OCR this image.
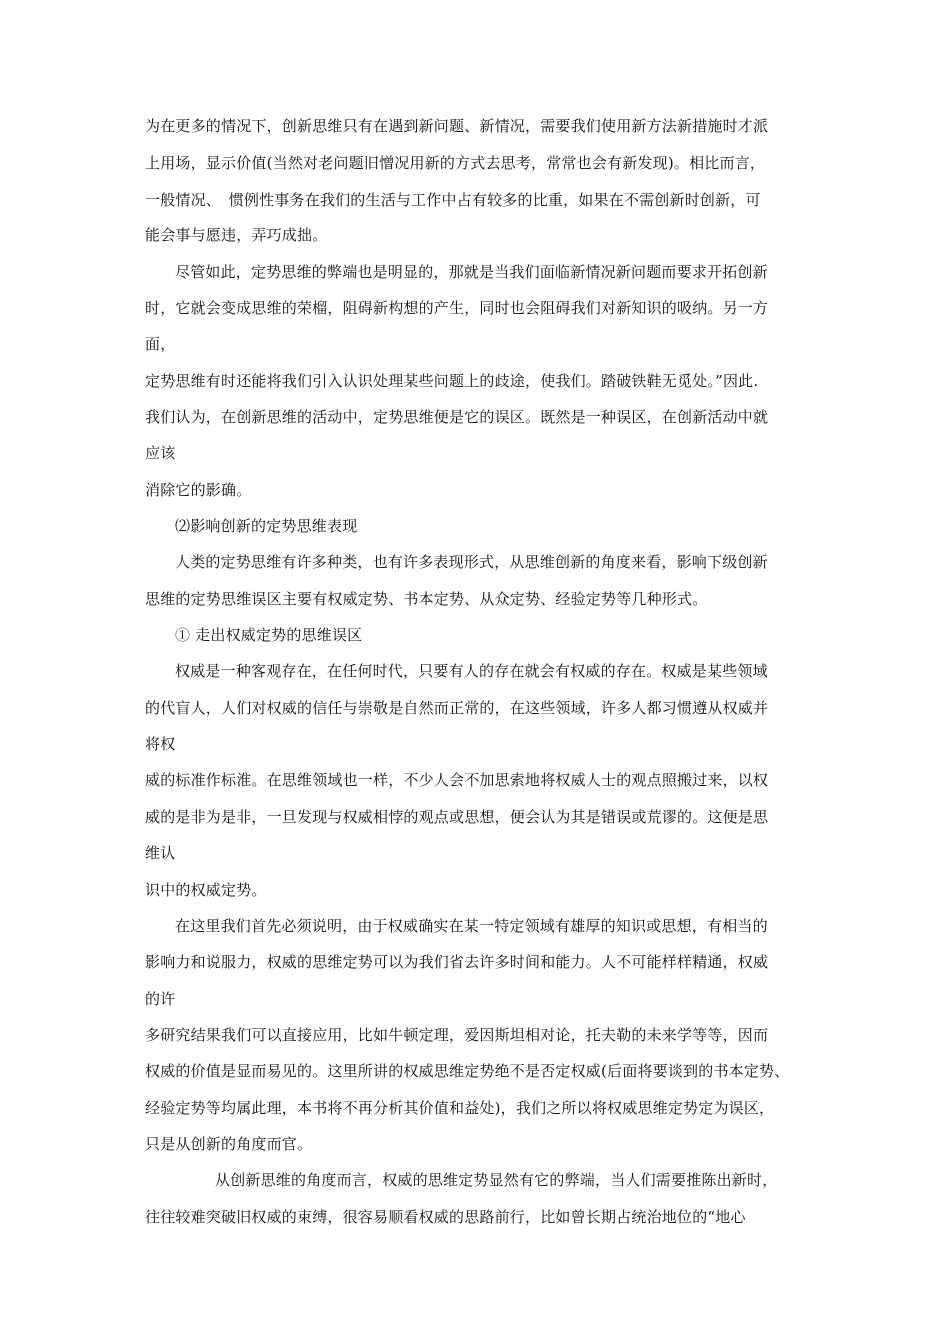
为在更多的情况下，创新思维只有在遇到新问题、新情况，需要我们使用新方法新措施时才派
上用场，显示价值(当然对老问题旧憎况用新的方式去思考，常常也会有新发现)。相比而言，
一般情况、　惯例性事务在我们的生活与工作中占有较多的比重，如果在不需创新时创新，可
能会事与愿违，弄巧成拙。
尽管如此，定势思维的弊端也是明显的，那就是当我们面临新情况新问题而要求开拓创新
时，它就会变成思维的荣榴，阻碍新构想的产生，同时也会阻碍我们对新知识的吸纳。另一方
面，
定势思维有时还能将我们引入认识处理某些问题上的歧途，使我们。踏破铁鞋无觅处。”因此.
我们认为，在创新思维的活动中，定势思维便是它的误区。既然是一种误区，在创新活动中就
应该
消除它的影确。
⑵影响创新的定势思维表现
人类的定势思维有许多种类，也有许多表现形式，从思维创新的角度来看，影响下级创新
思维的定势思维误区主要有权威定势、书本定势、从众定势、经验定势等几种形式。
① 走出权威定势的思维误区
权威是一种客观存在，在任何时代，只要有人的存在就会有权威的存在。权威是某些领域
的代盲人，人们对权威的信任与崇敬是自然而正常的，在这些领域，许多人都习惯遵从权威并
将权
威的标准作标淮。在思维领域也一样，不少人会不加思索地将权威人士的观点照搬过来，以权
威的是非为是非，一旦发现与权威相悖的观点或思想，便会认为其是错误或荒谬的。这便是思
维认
识中的权威定势。
在这里我们首先必须说明，由于权威确实在某一特定领域有雄厚的知识或思想，有相当的
影响力和说服力，权威的思维定势可以为我们省去许多时间和能力。人不可能样样精通，权威
的许
多研究结果我们可以直接应用，比如牛顿定理，爱因斯坦相对论，托夫勒的未来学等等，因而
权威的价值是显而易见的。这里所讲的权威思维定势绝不是否定权威(后面将要谈到的书本定势、
经验定势等均属此理，本书将不再分析其价值和益处)，我们之所以将权威思维定势定为误区，
只是从创新的角度而官。
从创新思维的角度而言，权威的思维定势显然有它的弊端，当人们需要推陈出新时，
往往较难突破旧权威的束缚，很容易顺看权威的思路前行，比如曾长期占统治地位的“地心
